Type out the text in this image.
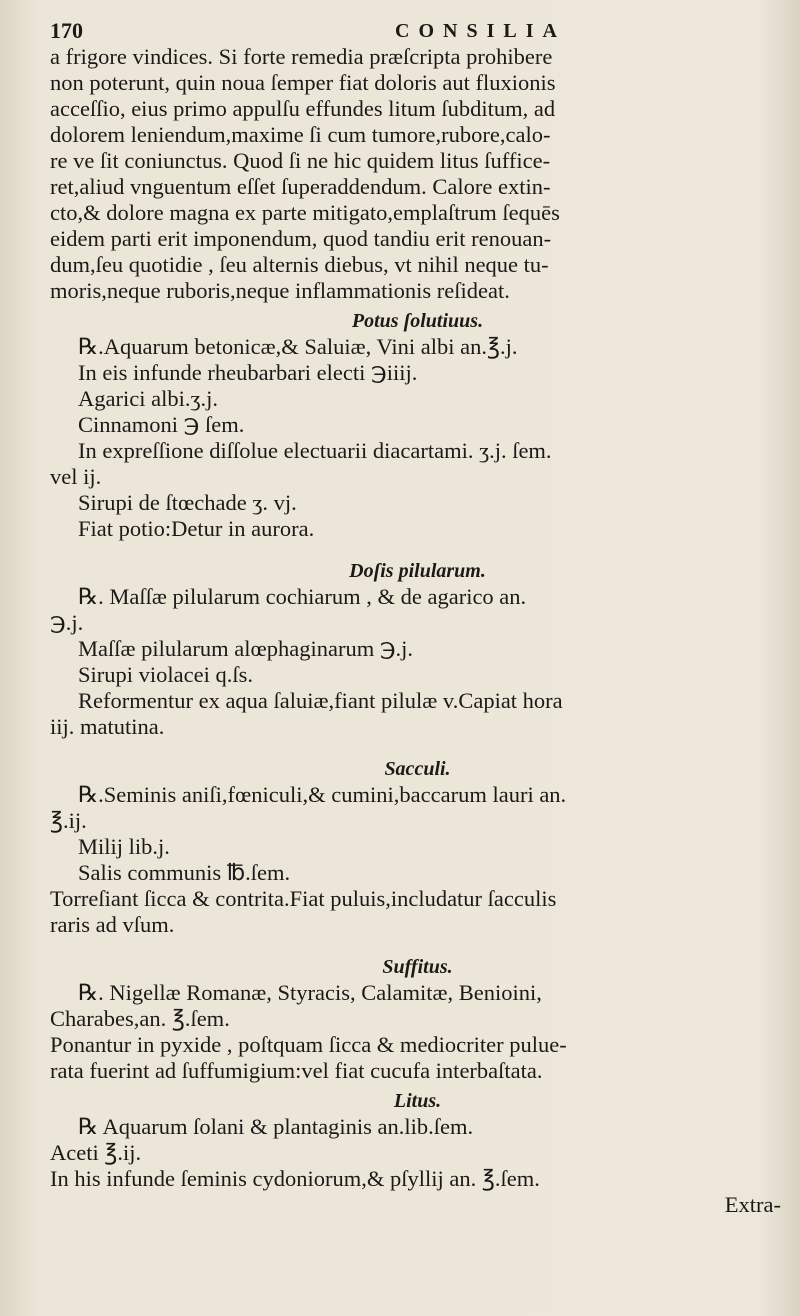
170	CONSILIA
a frigore vindices. Si forte remedia præſcripta prohibere
non poterunt, quin noua ſemper fiat doloris aut fluxionis
acceſſio, eius primo appulſu effundes litum ſubditum, ad
dolorem leniendum,maxime ſi cum tumore,rubore,calo-
re ve ſit coniunctus. Quod ſi ne hic quidem litus ſuffice-
ret,aliud vnguentum eſſet ſuperaddendum. Calore extin-
cto,& dolore magna ex parte mitigato,emplaſtrum ſequēs
eidem parti erit imponendum, quod tandiu erit renouan-
dum,ſeu quotidie , ſeu alternis diebus, vt nihil neque tu-
moris,neque ruboris,neque inflammationis reſideat.
Potus ſolutiuus.
℞.Aquarum betonicæ,& Saluiæ, Vini albi an.℥.j.
In eis infunde rheubarbari electi ℈iiij.
Agarici albi.ʒ.j.
Cinnamoni ℈ ſem.
In expreſſione diſſolue electuarii diacartami. ʒ.j. ſem.
vel ij.
Sirupi de ſtœchade ʒ. vj.
Fiat potio:Detur in aurora.
Doſis pilularum.
℞. Maſſæ pilularum cochiarum , & de agarico an.
℈.j.
Maſſæ pilularum alœphaginarum ℈.j.
Sirupi violacei q.ſs.
Reformentur ex aqua ſaluiæ,fiant pilulæ v.Capiat hora
iij. matutina.
Sacculi.
℞.Seminis aniſi,fœniculi,& cumini,baccarum lauri an.
℥.ij.
Milij lib.j.
Salis communis ℔.ſem.
Torreſiant ſicca & contrita.Fiat puluis,includatur ſacculis
raris ad vſum.
Suffitus.
℞. Nigellæ Romanæ, Styracis, Calamitæ, Benioini,
Charabes,an. ℥.ſem.
Ponantur in pyxide , poſtquam ſicca & mediocriter pulue-
rata fuerint ad ſuffumigium:vel fiat cucufa interbaſtata.
Litus.
℞ Aquarum ſolani & plantaginis an.lib.ſem.
Aceti ℥.ij.
In his infunde ſeminis cydoniorum,& pſyllij an. ℥.ſem.
Extra-
